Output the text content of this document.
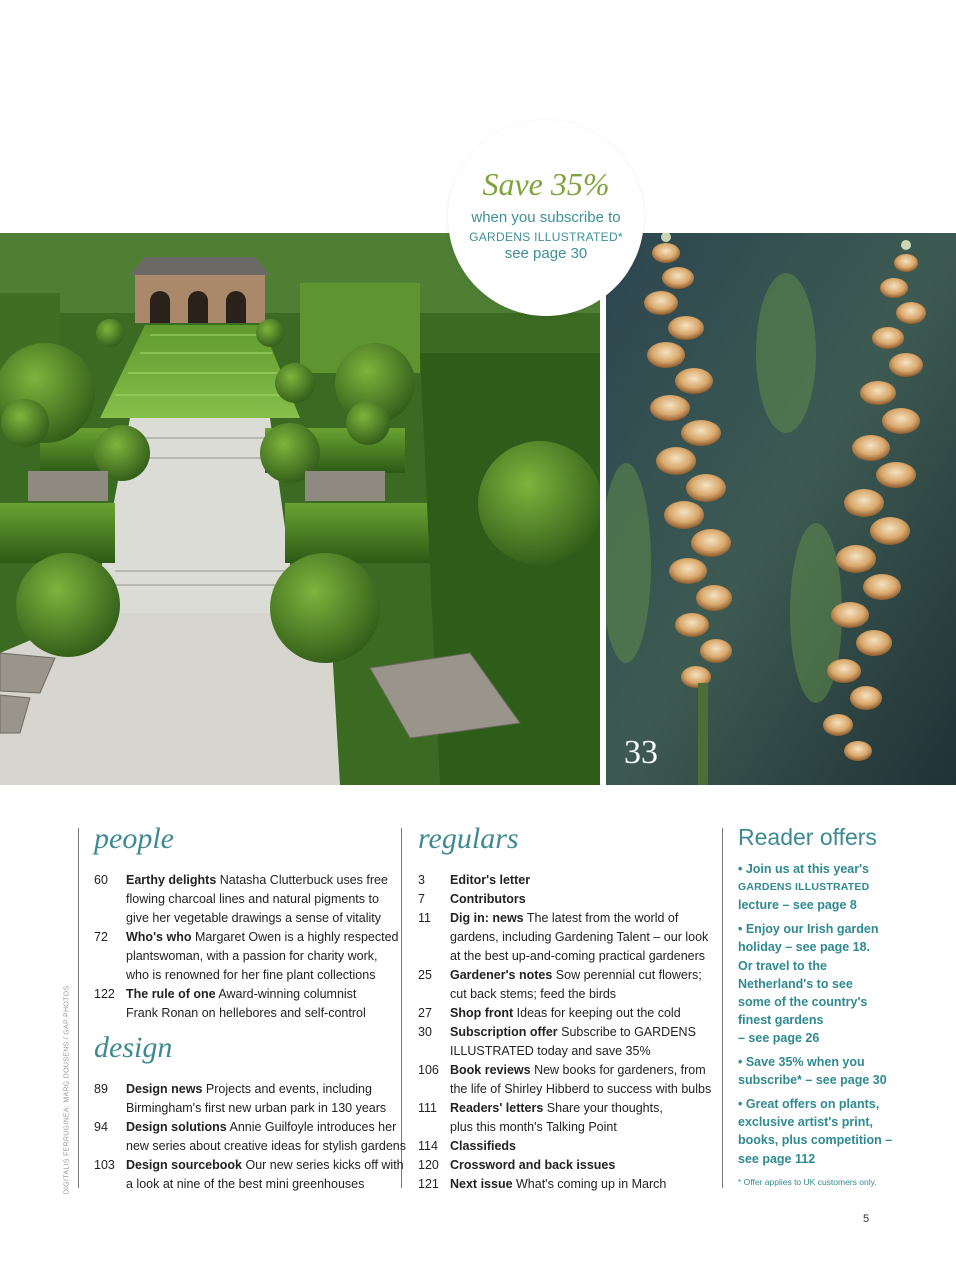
33
Save 35%
when you subscribe to
GARDENS ILLUSTRATED*
see page 30
DIGITALIS FERRUGINEA: MARG DOUSENS / GAP PHOTOS
people
60 Earthy delights Natasha Clutterbuck uses free
flowing charcoal lines and natural pigments to
give her vegetable drawings a sense of vitality
72 Who's who Margaret Owen is a highly respected
plantswoman, with a passion for charity work,
who is renowned for her fine plant collections
122 The rule of one Award-winning columnist
Frank Ronan on hellebores and self-control
design
89 Design news Projects and events, including
Birmingham's first new urban park in 130 years
94 Design solutions Annie Guilfoyle introduces her
new series about creative ideas for stylish gardens
103 Design sourcebook Our new series kicks off with
a look at nine of the best mini greenhouses
regulars
3 Editor's letter
7 Contributors
11 Dig in: news The latest from the world of
gardens, including Gardening Talent – our look
at the best up-and-coming practical gardeners
25 Gardener's notes Sow perennial cut flowers;
cut back stems; feed the birds
27 Shop front Ideas for keeping out the cold
30 Subscription offer Subscribe to GARDENS
ILLUSTRATED today and save 35%
106 Book reviews New books for gardeners, from
the life of Shirley Hibberd to success with bulbs
111 Readers' letters Share your thoughts,
plus this month's Talking Point
114 Classifieds
120 Crossword and back issues
121 Next issue What's coming up in March
Reader offers
• Join us at this year's
GARDENS ILLUSTRATED
lecture – see page 8
• Enjoy our Irish garden
holiday – see page 18.
Or travel to the
Netherland's to see
some of the country's
finest gardens
– see page 26
• Save 35% when you
subscribe* – see page 30
• Great offers on plants,
exclusive artist's print,
books, plus competition –
see page 112
* Offer applies to UK customers only.
5
